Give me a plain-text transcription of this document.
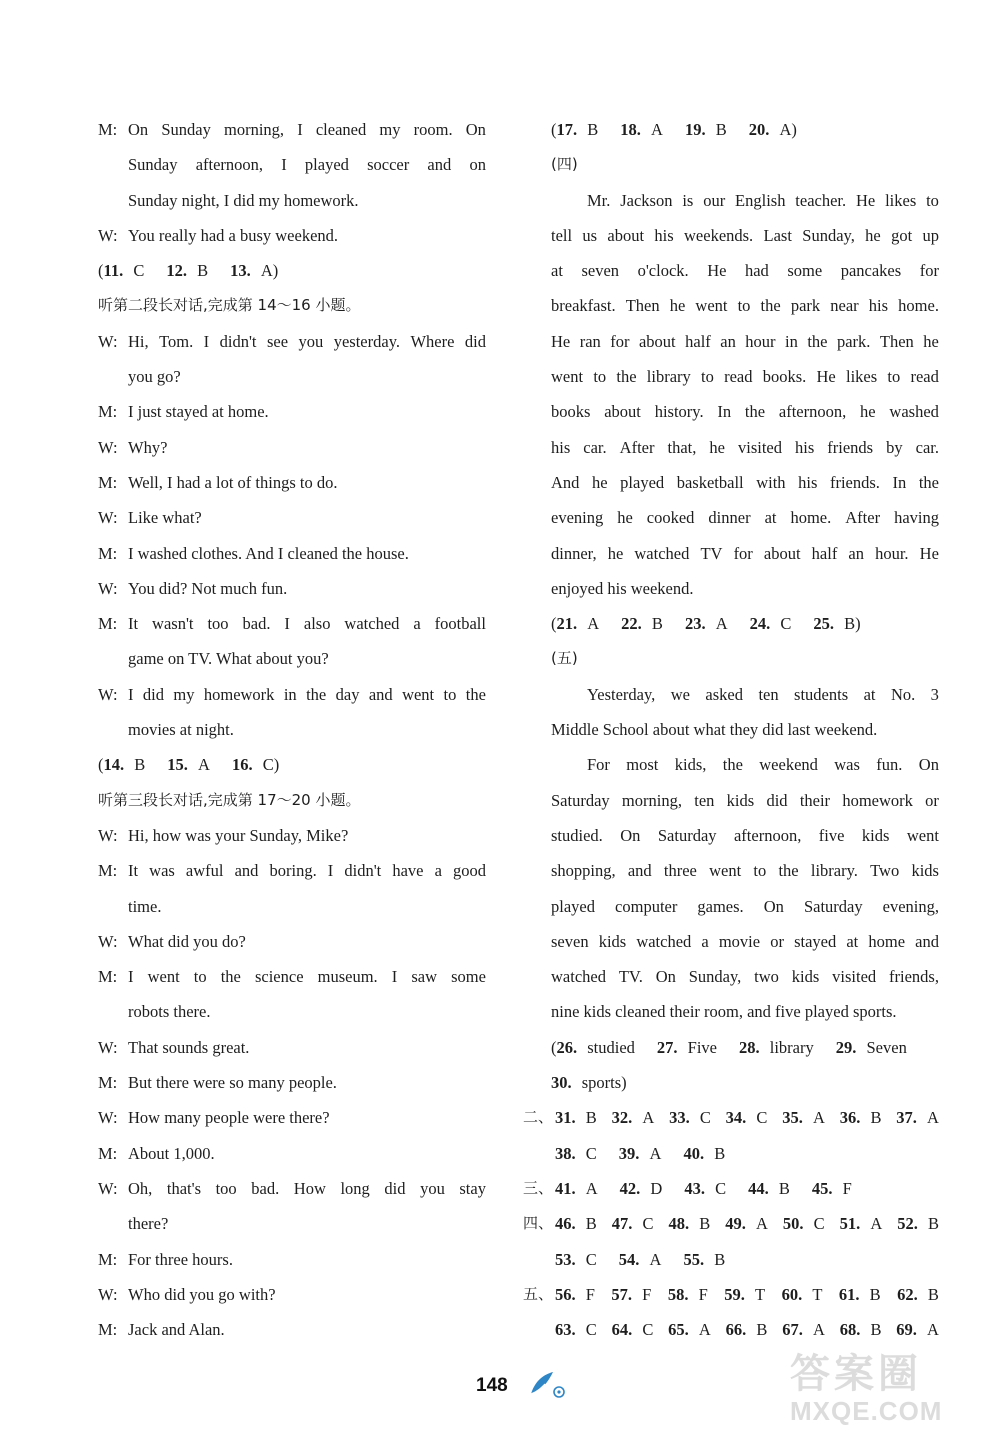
M: On Sunday morning, I cleaned my room. On
Sunday afternoon, I played soccer and on
Sunday night, I did my homework.
W: You really had a busy weekend.
(11. C 12. B 13. A)
听第二段长对话,完成第 14～16 小题。
W: Hi, Tom. I didn't see you yesterday. Where did
you go?
M: I just stayed at home.
W: Why?
M: Well, I had a lot of things to do.
W: Like what?
M: I washed clothes. And I cleaned the house.
W: You did? Not much fun.
M: It wasn't too bad. I also watched a football
game on TV. What about you?
W: I did my homework in the day and went to the
movies at night.
(14. B 15. A 16. C)
听第三段长对话,完成第 17～20 小题。
W: Hi, how was your Sunday, Mike?
M: It was awful and boring. I didn't have a good
time.
W: What did you do?
M: I went to the science museum. I saw some
robots there.
W: That sounds great.
M: But there were so many people.
W: How many people were there?
M: About 1,000.
W: Oh, that's too bad. How long did you stay
there?
M: For three hours.
W: Who did you go with?
M: Jack and Alan.
(17. B 18. A 19. B 20. A)
(四)
Mr. Jackson is our English teacher. He likes to
tell us about his weekends. Last Sunday, he got up
at seven o'clock. He had some pancakes for
breakfast. Then he went to the park near his home.
He ran for about half an hour in the park. Then he
went to the library to read books. He likes to read
books about history. In the afternoon, he washed
his car. After that, he visited his friends by car.
And he played basketball with his friends. In the
evening he cooked dinner at home. After having
dinner, he watched TV for about half an hour. He
enjoyed his weekend.
(21. A 22. B 23. A 24. C 25. B)
(五)
Yesterday, we asked ten students at No. 3
Middle School about what they did last weekend.
For most kids, the weekend was fun. On
Saturday morning, ten kids did their homework or
studied. On Saturday afternoon, five kids went
shopping, and three went to the library. Two kids
played computer games. On Saturday evening,
seven kids watched a movie or stayed at home and
watched TV. On Sunday, two kids visited friends,
nine kids cleaned their room, and five played sports.
(26. studied 27. Five 28. library 29. Seven
30. sports)
二、 31. B 32. A 33. C 34. C 35. A 36. B 37. A
38. C 39. A 40. B
三、 41. A 42. D 43. C 44. B 45. F
四、 46. B 47. C 48. B 49. A 50. C 51. A 52. B
53. C 54. A 55. B
五、 56. F 57. F 58. F 59. T 60. T 61. B 62. B
63. C 64. C 65. A 66. B 67. A 68. B 69. A
148	答案圈
MXQE.COM
